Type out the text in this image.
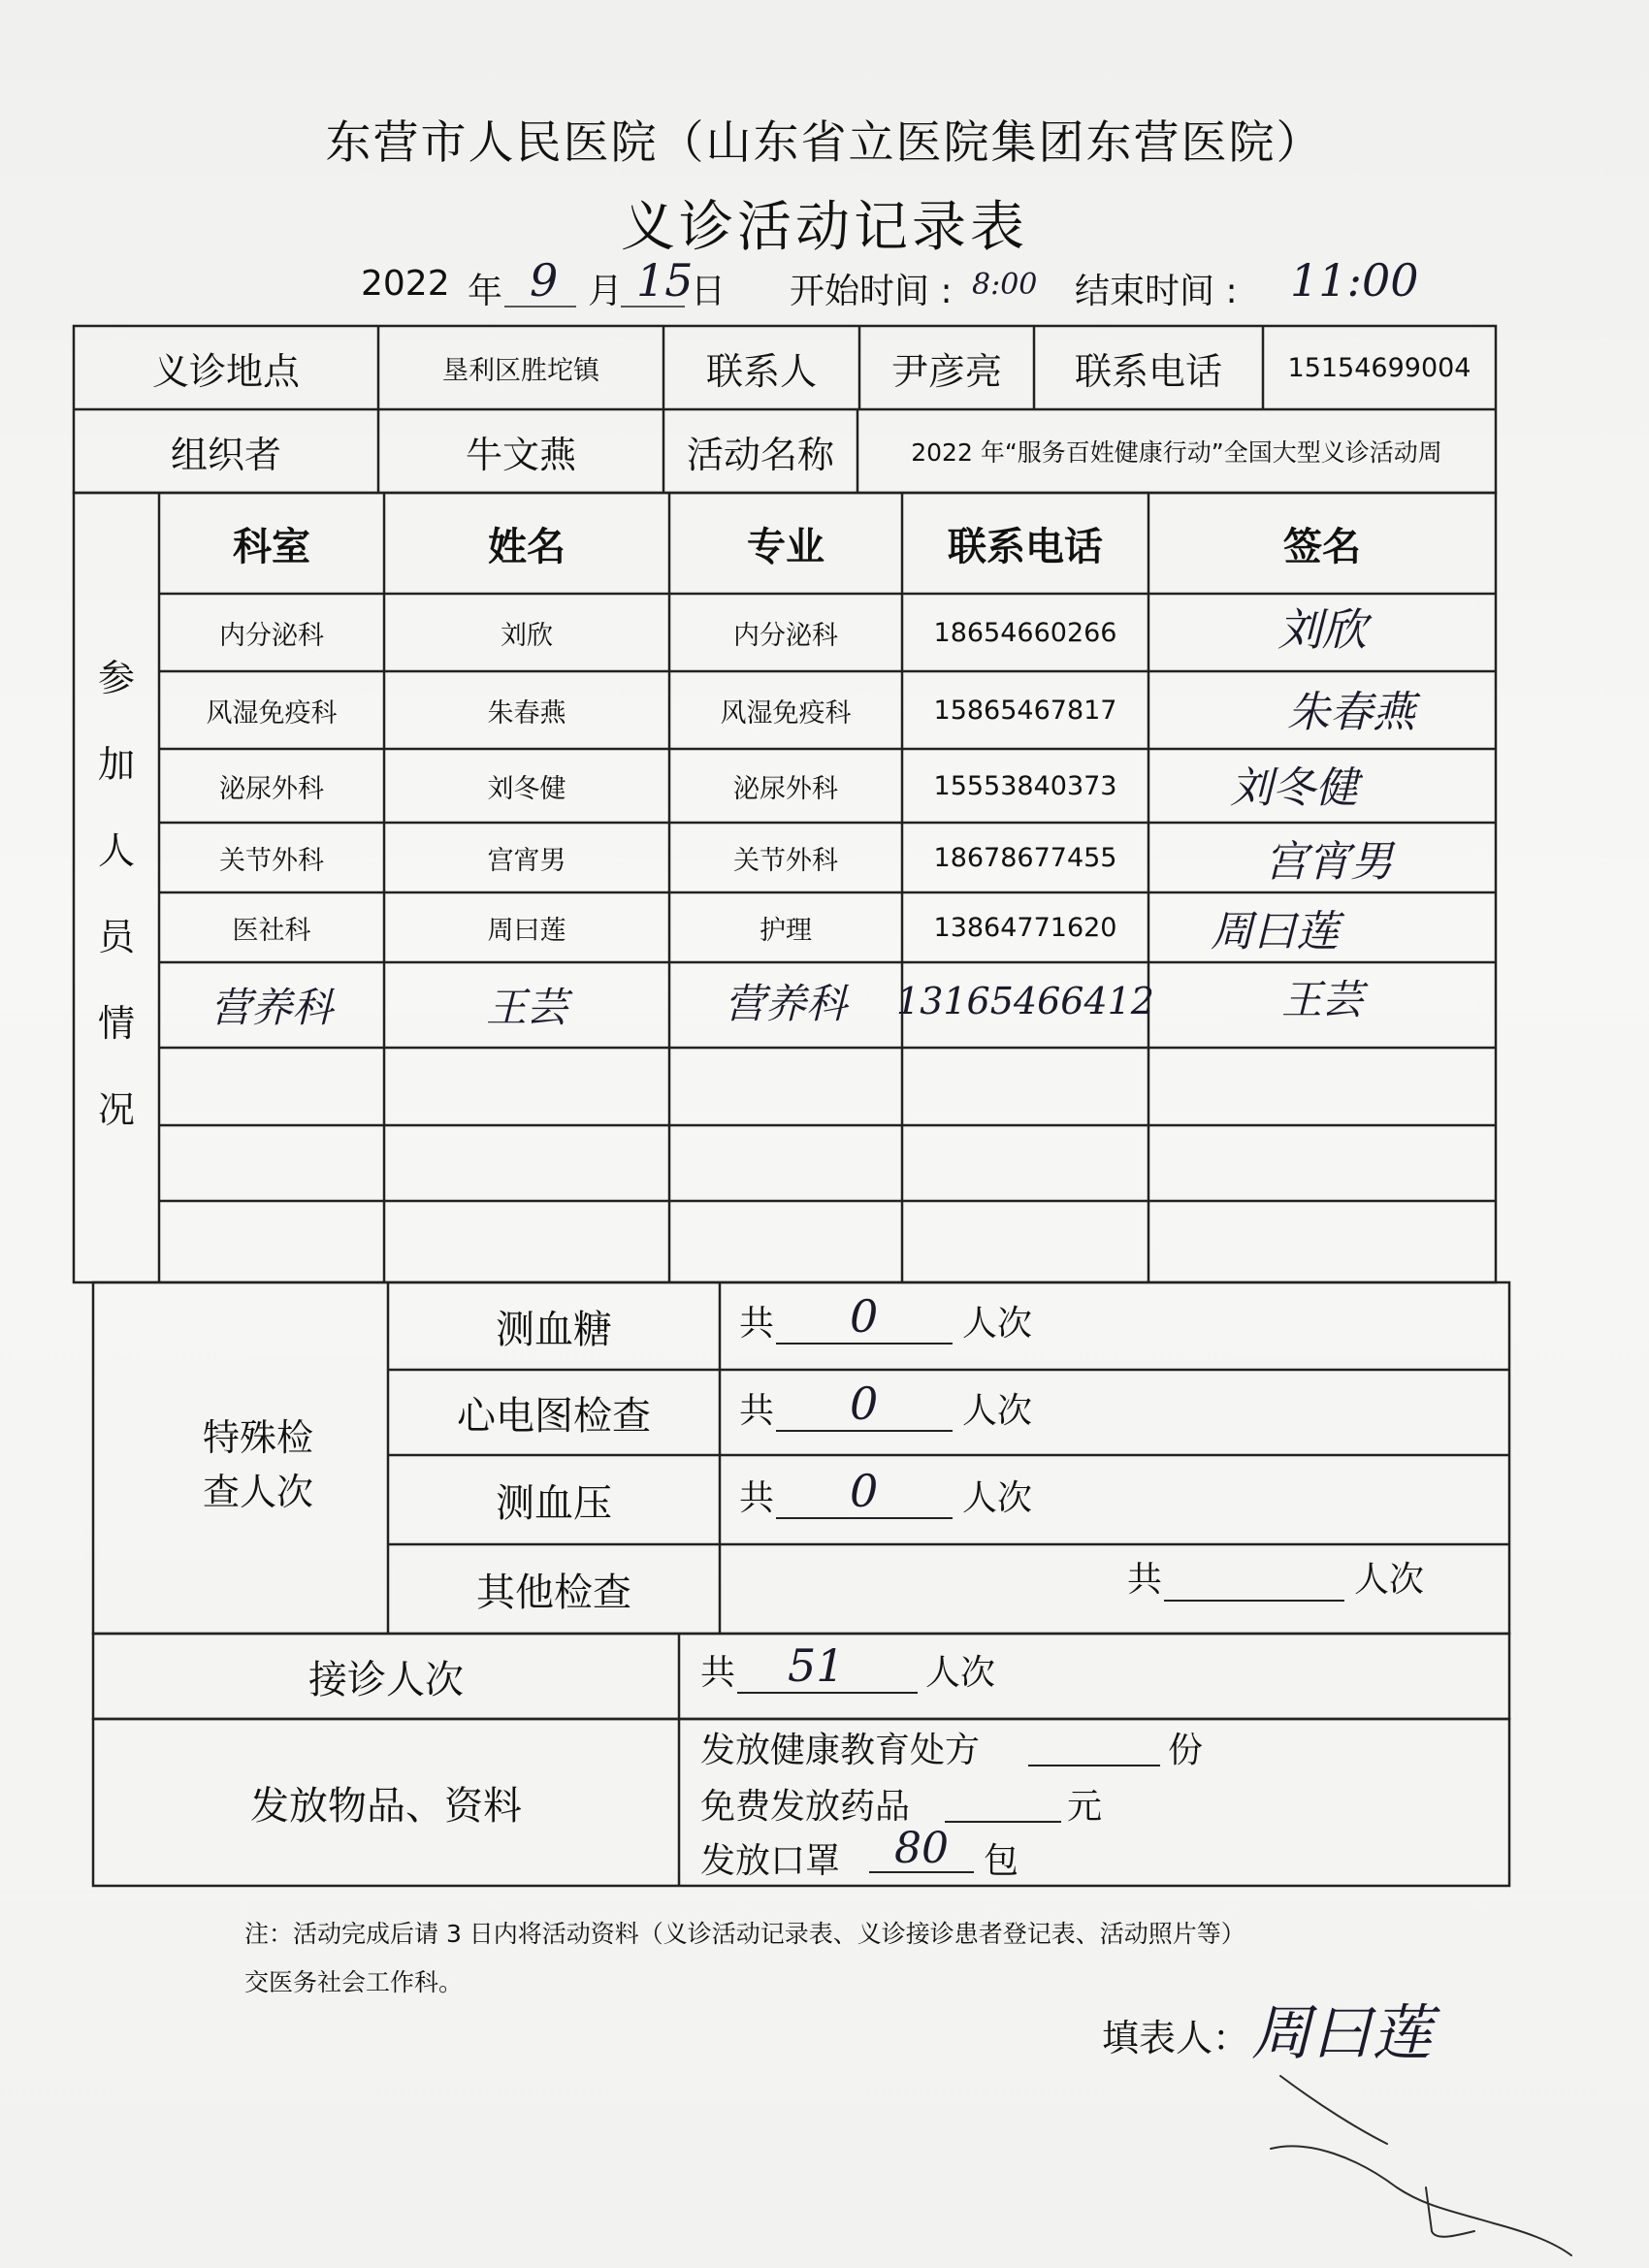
东营市人民医院（山东省立医院集团东营医院）
义诊活动记录表
2022 年 9 月 15
日 开始时间 : 8:00 结束时间 : 11:00
义诊地点	垦利区胜坨镇	联系人	尹彦亮	联系电话	15154699004
组织者	牛文燕	活动名称	2022 年“服务百姓健康行动”全国大型义诊活动周
参
加
人
员
情
况
科室	姓名	专业	联系电话	签名
内分泌科	刘欣	内分泌科	18654660266	刘欣
风湿免疫科	朱春燕	风湿免疫科	15865467817	朱春燕
泌尿外科	刘冬健	泌尿外科	15553840373	刘冬健
关节外科	宫宵男	关节外科	18678677455	宫宵男
医社科	周曰莲	护理	13864771620	周曰莲
营养科	王芸	营养科	13165466412	王芸
特殊检查人次
测血糖	共 0 人次
心电图检查	共 0 人次
测血压	共 0 人次
其他检查	共	人次
接诊人次	共 51 人次
发放物品、资料
发放健康教育处方	份
免费发放药品	元
发放口罩 80 包
注：活动完成后请 3 日内将活动资料（义诊活动记录表、义诊接诊患者登记表、活动照片等）
交医务社会工作科。
填表人： 周曰莲
